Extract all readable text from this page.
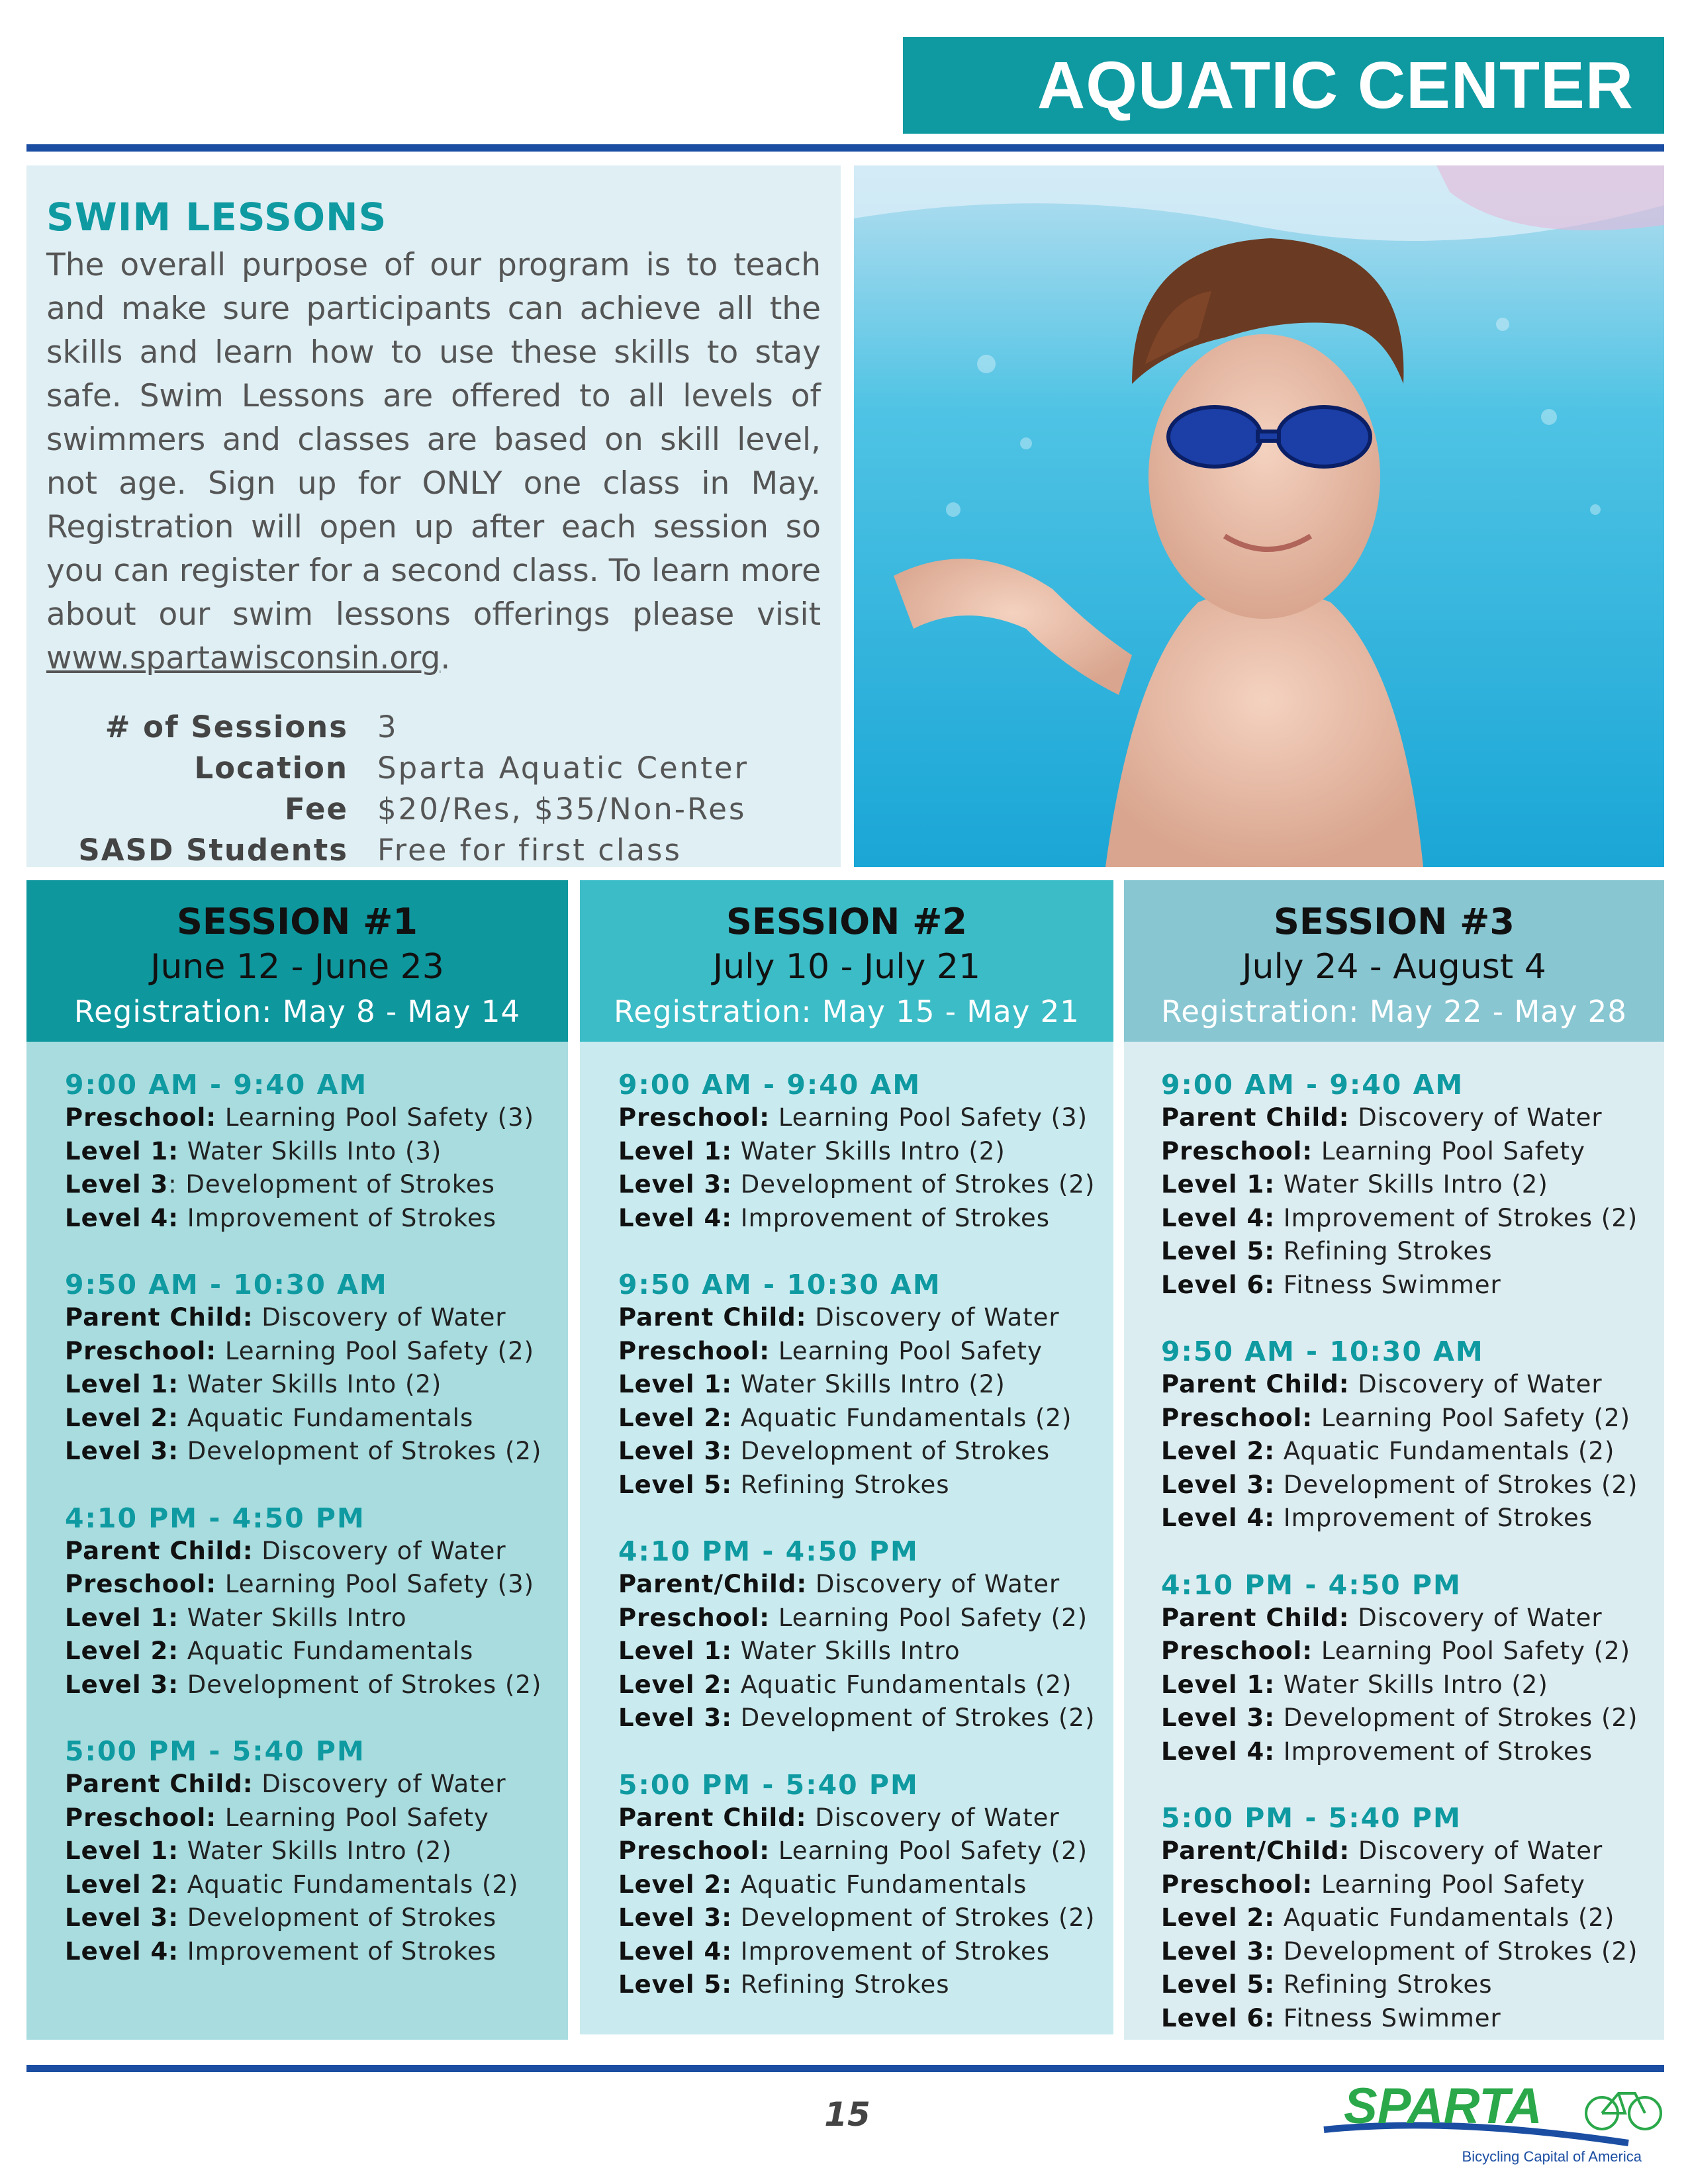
AQUATIC CENTER
SWIM LESSONS

The overall purpose of our program is to teach and make sure participants can achieve all the skills and learn how to use these skills to stay safe. Swim Lessons are offered to all levels of swimmers and classes are based on skill level, not age. Sign up for ONLY one class in May. Registration will open up after each session so you can register for a second class. To learn more about our swim lessons offerings please visit www.spartawisconsin.org.

# of Sessions 3
Location Sparta Aquatic Center
Fee $20/Res, $35/Non-Res
SASD Students Free for first class
SESSION #1
June 12 - June 23
Registration: May 8 - May 14
9:00 AM - 9:40 AM
Preschool: Learning Pool Safety (3)
Level 1: Water Skills Into (3)
Level 3: Development of Strokes
Level 4: Improvement of Strokes
9:50 AM - 10:30 AM
Parent Child: Discovery of Water
Preschool: Learning Pool Safety (2)
Level 1: Water Skills Into (2)
Level 2: Aquatic Fundamentals
Level 3: Development of Strokes (2)
4:10 PM - 4:50 PM
Parent Child: Discovery of Water
Preschool: Learning Pool Safety (3)
Level 1: Water Skills Intro
Level 2: Aquatic Fundamentals
Level 3: Development of Strokes (2)
5:00 PM - 5:40 PM
Parent Child: Discovery of Water
Preschool: Learning Pool Safety
Level 1: Water Skills Intro (2)
Level 2: Aquatic Fundamentals (2)
Level 3: Development of Strokes
Level 4: Improvement of Strokes
SESSION #2
July 10 - July 21
Registration: May 15 - May 21
9:00 AM - 9:40 AM
Preschool: Learning Pool Safety (3)
Level 1: Water Skills Intro (2)
Level 3: Development of Strokes (2)
Level 4: Improvement of Strokes
9:50 AM - 10:30 AM
Parent Child: Discovery of Water
Preschool: Learning Pool Safety
Level 1: Water Skills Intro (2)
Level 2: Aquatic Fundamentals (2)
Level 3: Development of Strokes
Level 5: Refining Strokes
4:10 PM - 4:50 PM
Parent/Child: Discovery of Water
Preschool: Learning Pool Safety (2)
Level 1: Water Skills Intro
Level 2: Aquatic Fundamentals (2)
Level 3: Development of Strokes (2)
5:00 PM - 5:40 PM
Parent Child: Discovery of Water
Preschool: Learning Pool Safety (2)
Level 2: Aquatic Fundamentals
Level 3: Development of Strokes (2)
Level 4: Improvement of Strokes
Level 5: Refining Strokes
SESSION #3
July 24 - August 4
Registration: May 22 - May 28
9:00 AM - 9:40 AM
Parent Child: Discovery of Water
Preschool: Learning Pool Safety
Level 1: Water Skills Intro (2)
Level 4: Improvement of Strokes (2)
Level 5: Refining Strokes
Level 6: Fitness Swimmer
9:50 AM - 10:30 AM
Parent Child: Discovery of Water
Preschool: Learning Pool Safety (2)
Level 2: Aquatic Fundamentals (2)
Level 3: Development of Strokes (2)
Level 4: Improvement of Strokes
4:10 PM - 4:50 PM
Parent Child: Discovery of Water
Preschool: Learning Pool Safety (2)
Level 1: Water Skills Intro (2)
Level 3: Development of Strokes (2)
Level 4: Improvement of Strokes
5:00 PM - 5:40 PM
Parent/Child: Discovery of Water
Preschool: Learning Pool Safety
Level 2: Aquatic Fundamentals (2)
Level 3: Development of Strokes (2)
Level 5: Refining Strokes
Level 6: Fitness Swimmer
15	SPARTA
Bicycling Capital of America
